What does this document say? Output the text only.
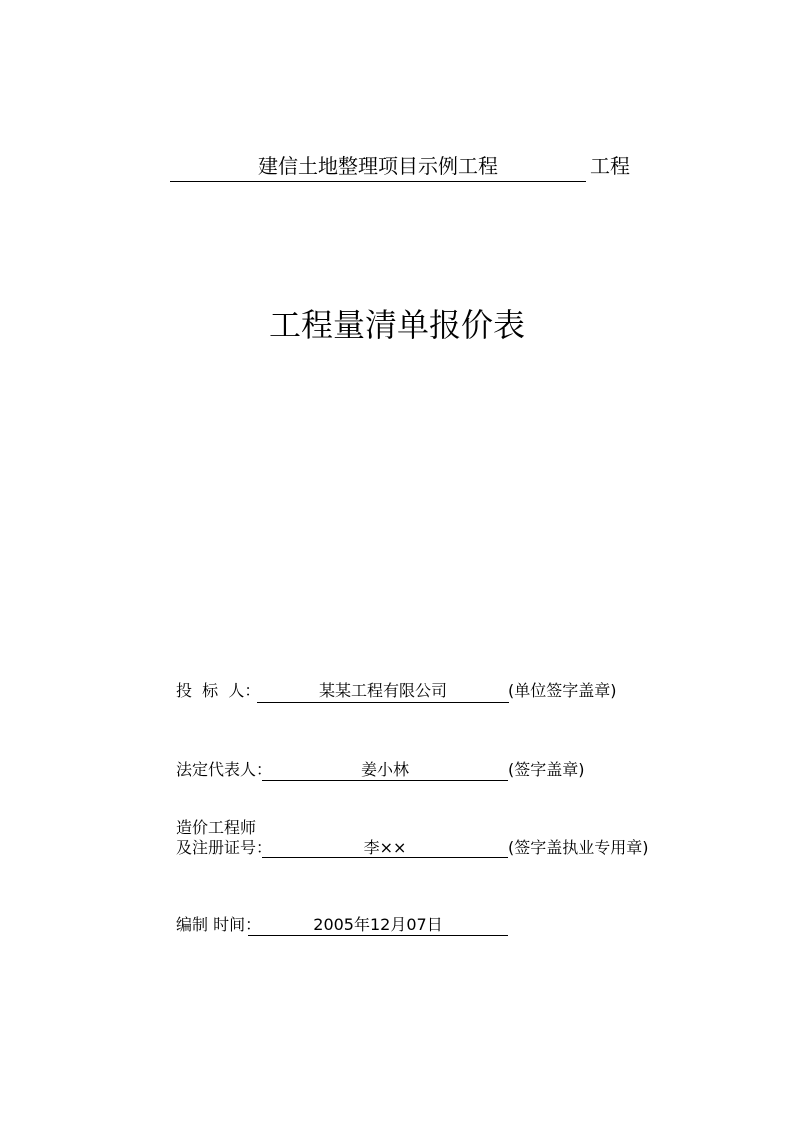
建信土地整理项目示例工程	工程
工程量清单报价表
投  标  人：	某某工程有限公司	(单位签字盖章)
法定代表人：	姜小林	(签字盖章)
造价工程师
及注册证号：	李××	(签字盖执业专用章)
编制 时间：	2005年12月07日
